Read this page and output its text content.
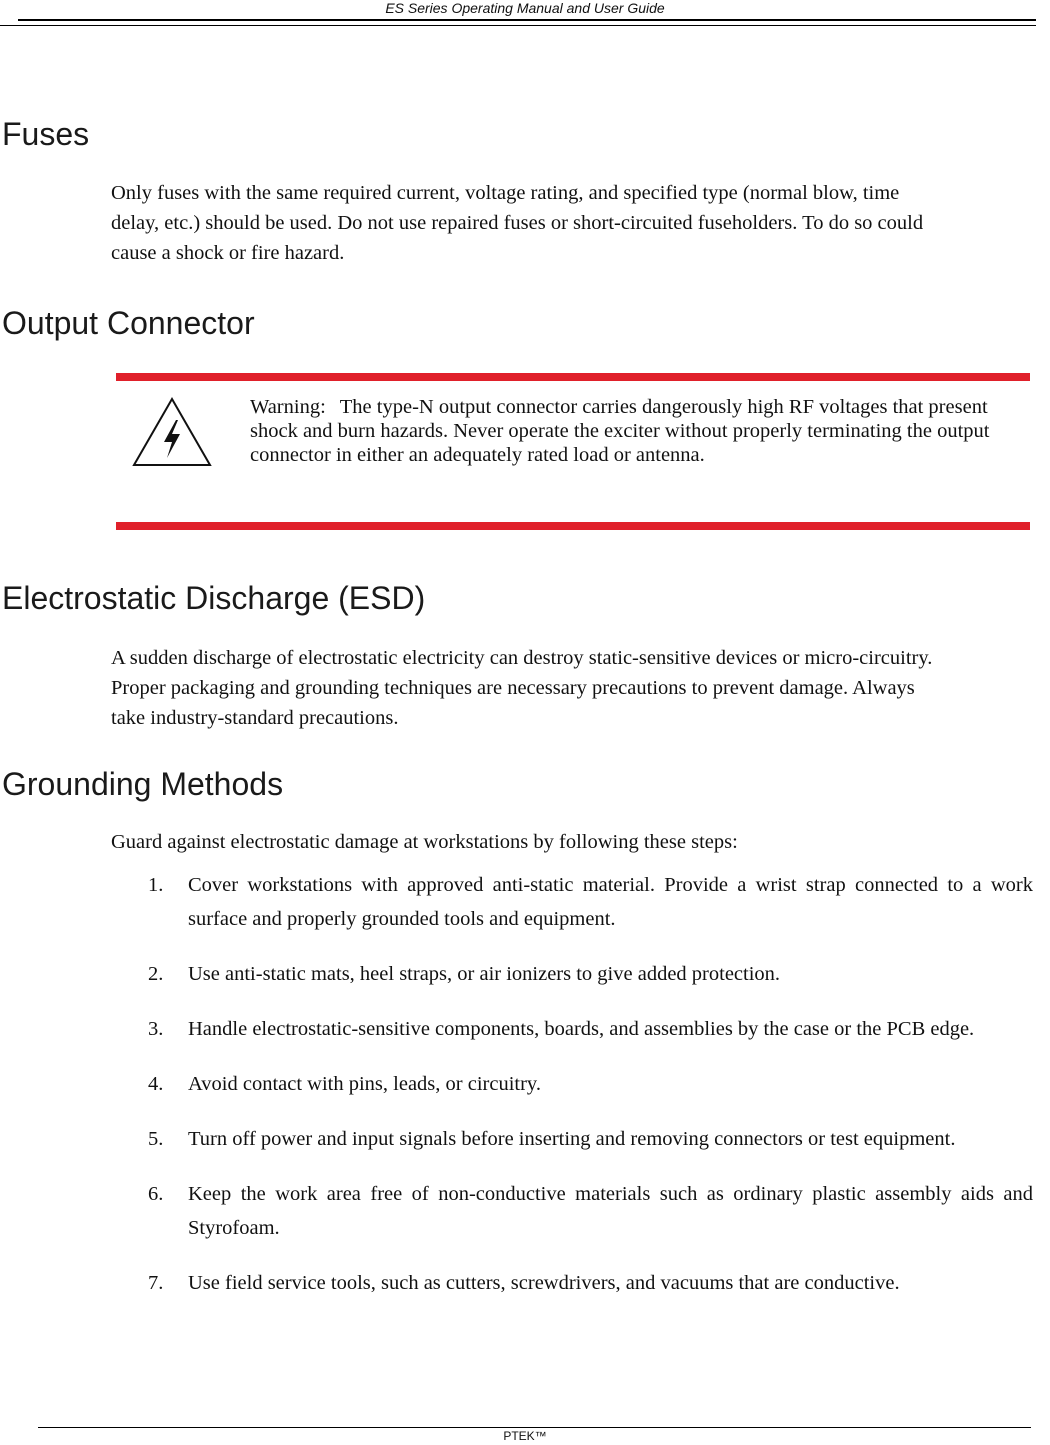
ES Series Operating Manual and User Guide
Fuses

Only fuses with the same required current, voltage rating, and specified type (normal blow, time delay, etc.) should be used. Do not use repaired fuses or short-circuited fuseholders. To do so could cause a shock or fire hazard.

Output Connector
Warning: The type-N output connector carries dangerously high RF voltages that present shock and burn hazards. Never operate the exciter without properly terminating the output connector in either an adequately rated load or antenna.
Electrostatic Discharge (ESD)

A sudden discharge of electrostatic electricity can destroy static-sensitive devices or micro-circuitry. Proper packaging and grounding techniques are necessary precautions to prevent damage. Always take industry-standard precautions.

Grounding Methods

Guard against electrostatic damage at workstations by following these steps:

1. Cover workstations with approved anti-static material. Provide a wrist strap connected to a work surface and properly grounded tools and equipment.
2. Use anti-static mats, heel straps, or air ionizers to give added protection.
3. Handle electrostatic-sensitive components, boards, and assemblies by the case or the PCB edge.
4. Avoid contact with pins, leads, or circuitry.
5. Turn off power and input signals before inserting and removing connectors or test equipment.
6. Keep the work area free of non-conductive materials such as ordinary plastic assembly aids and Styrofoam.
7. Use field service tools, such as cutters, screwdrivers, and vacuums that are conductive.
PTEK™
